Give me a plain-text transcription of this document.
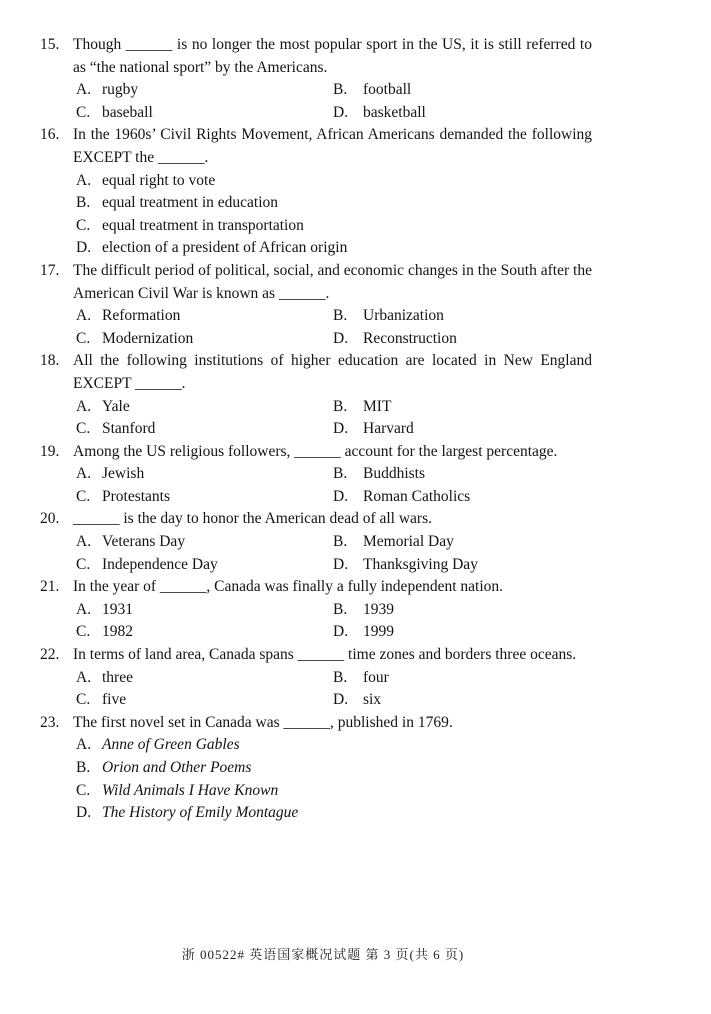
15. Though ______ is no longer the most popular sport in the US, it is still referred to as “the national sport” by the Americans.

A. rugby	B. football
C. baseball	D. basketball
16. In the 1960s’ Civil Rights Movement, African Americans demanded the following EXCEPT the ______.

A. equal right to vote
B. equal treatment in education
C. equal treatment in transportation
D. election of a president of African origin
17. The difficult period of political, social, and economic changes in the South after the American Civil War is known as ______.

A. Reformation	B. Urbanization
C. Modernization	D. Reconstruction
18. All the following institutions of higher education are located in New England EXCEPT ______.

A. Yale	B. MIT
C. Stanford	D. Harvard
19. Among the US religious followers, ______ account for the largest percentage.

A. Jewish	B. Buddhists
C. Protestants	D. Roman Catholics
20. ______ is the day to honor the American dead of all wars.

A. Veterans Day	B. Memorial Day
C. Independence Day	D. Thanksgiving Day
21. In the year of ______, Canada was finally a fully independent nation.

A. 1931	B. 1939
C. 1982	D. 1999
22. In terms of land area, Canada spans ______ time zones and borders three oceans.

A. three	B. four
C. five	D. six
23. The first novel set in Canada was ______, published in 1769.

A. Anne of Green Gables
B. Orion and Other Poems
C. Wild Animals I Have Known
D. The History of Emily Montague
浙 00522# 英语国家概况试题 第 3 页(共 6 页)
